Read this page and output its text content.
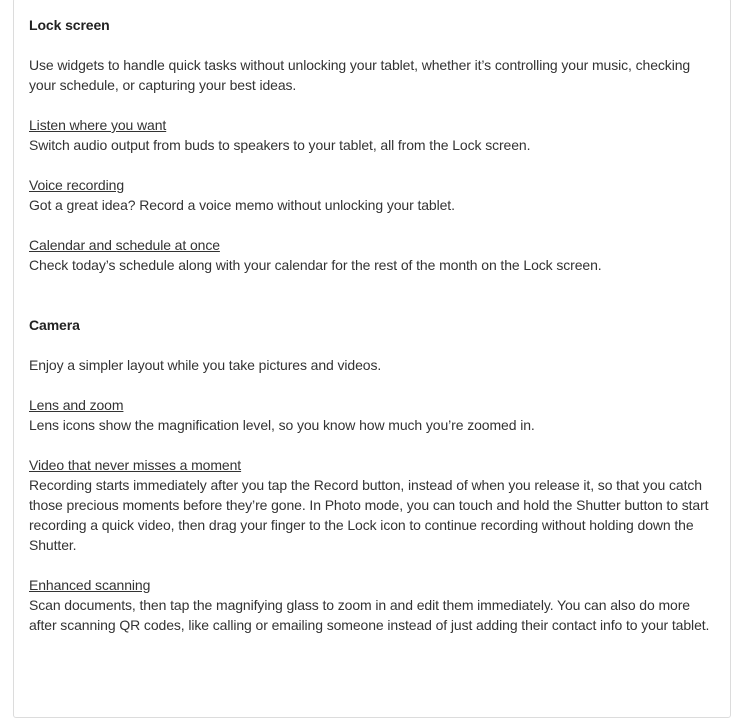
Lock screen

Use widgets to handle quick tasks without unlocking your tablet, whether it’s controlling your music, checking your schedule, or capturing your best ideas.

Listen where you want

Switch audio output from buds to speakers to your tablet, all from the Lock screen.

Voice recording

Got a great idea? Record a voice memo without unlocking your tablet.

Calendar and schedule at once

Check today’s schedule along with your calendar for the rest of the month on the Lock screen.

Camera

Enjoy a simpler layout while you take pictures and videos.

Lens and zoom

Lens icons show the magnification level, so you know how much you’re zoomed in.

Video that never misses a moment

Recording starts immediately after you tap the Record button, instead of when you release it, so that you catch those precious moments before they’re gone. In Photo mode, you can touch and hold the Shutter button to start recording a quick video, then drag your finger to the Lock icon to continue recording without holding down the Shutter.

Enhanced scanning

Scan documents, then tap the magnifying glass to zoom in and edit them immediately. You can also do more after scanning QR codes, like calling or emailing someone instead of just adding their contact info to your tablet.
